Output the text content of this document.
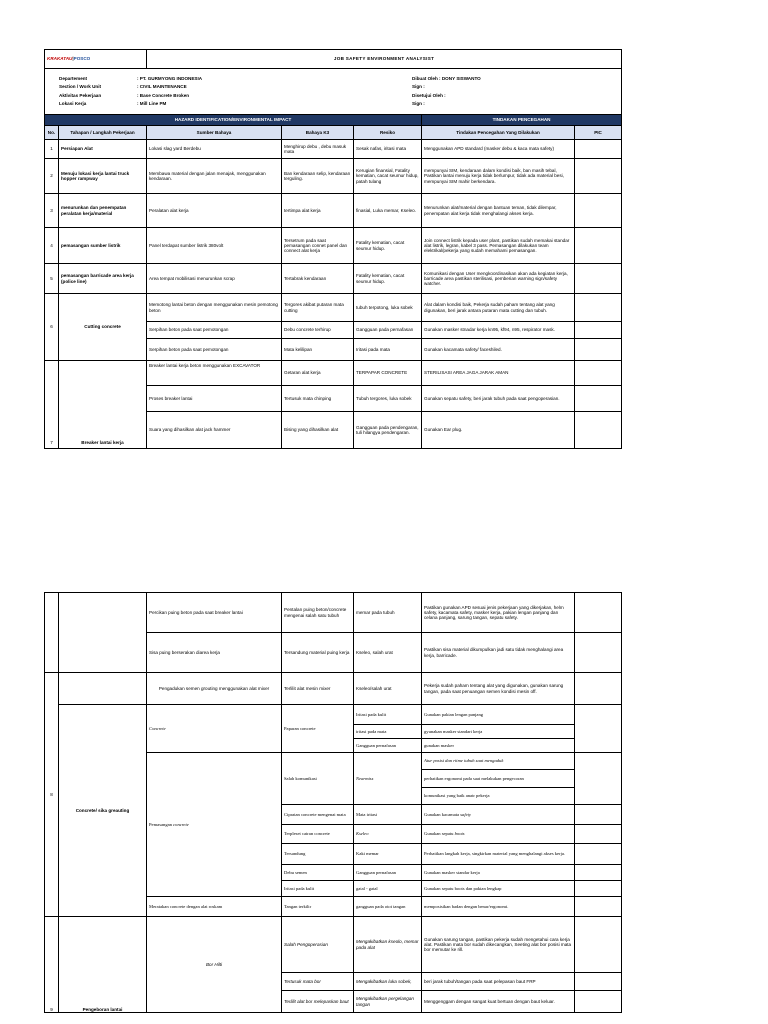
KRAKATAU|POSCO	JOB SAFETY ENVIRONMENT ANALYSIST

Departement	: PT. GURMYONG INDONESIA	Dibuat Oleh : DONY SISWANTO
Section / Work Unit	: CIVIL MAINTENANCE	Sign :
Aktivitas Pekerjaan	: Base Concrete Broken	Disetujui Oleh :
Lokasi Kerja	: Mill Line PM	Sign :

HAZARD IDENTIFICATION/ENVIRONMENTAL IMPACT	TINDAKAN PENCEGAHAN
No.	Tahapan / Langkah Pekerjaan	Sumber Bahaya	Bahaya K3	Resiko	Tindakan Pencegahan Yang Dilakukan	PIC
1	Persiapan Alat	Lokasi slag yard Berdebu	Menghirup debu , debu masuk mata	Sesak nafas, iritasi mata	Menggunakan APD standard (masker debu & kaca mata safety)	
2	Menuju lokasi kerja lantai truck hopper rampway	Membawa material dengan jalan menajak, menggunakan kendaraan.	Ban kendaraan selip, kendaraan terguling.	Kerugian finansial, Fatality kematian, cacat seumur hidup, patah tulang	mempunyai SIM, kendaraan dalam kondisi baik, ban masih tebal, Pastikan lantai menuju kerja tidak berlumpur, tidak ada material besi, mempunyai SIM mahir berkendara.	
3	menurunkan dan penempatan peralatan kerja/material	Peralatan alat kerja	tertimpa alat kerja	finasial, Luka memar, Kseleo.	Menurunkan alat/material dengan bantuan teman, tidak dilempar, penempatan alat kerja tidak menghalangi akses kerja.	
4	pemasangan sumber listrik	Panel terdapat sumber listrik 380volt	Tersetrum pada saat pemasangan connet panel dan connect alat kerja	Fatality kematian, cacat seumur hidup.	Join connect listrik kepada user plant, pastikan sudah memakai standar alat listrik, legran, kabel 3 pass. Pemasangan dilakukan team elektrikal/pekerja yang sudah memahami pemasangan.	
5	pemasangan barricade area kerja (police line)	Area tempat mobilisasi menurunkan scrap	Tertabrak kendaraan	Fatality kematian, cacat seumur hidup.	Komunikasi dengan User mengkoordinasikan akan ada kegiatan kerja, barricade area pastikan sterilisasi, pemberian warning sign/safety watcher.	
6	Cutting concrete	Memotong lantai beton dengan menggunakan mesin pemotong beton	Tergores akibat putaran mata cutting	tubuh terpotong, luka sobek	Alat dalam kondisi baik, Pekerja sudah paham tentang alat yang digunakan, beri jarak antara putaran mata cutting dan tubuh.	
Serpihan beton pada saat pemotongan	Debu concrete terhirup	Gangguan pada pernafasan	Gunakan masker stnadar kerja kn95, kf94, n95, respirator mask.	
Serpihan beton pada saat pemotongan	Mata kelilipan	Iritasi pada mata	Gunakan kacamata safety/ faceshiled.	
7	Breaker lantai kerja	Breaker lantai kerja beton menggunakan EXCAVATOR	Getaran alat kerja	TERPAPAR CONCRETE	STERILISASI AREA JAGA JARAK AMAN	
Proses breaker lantai	Tertusuk mata chinping	Tubuh tergores, luka sobek	Gunakan sepatu safety, beri jarak tubuh pada saat pengoperasian.	
Suara yang dihasilkan alat jack hammer	Bising yang dihasilkan alat	Gangguan pada pendengaran, tuli hilangya pendengaran.	Gunakan Ear plug.	
		Percikan puing beton pada saat breaker lantai	Pentalan puing beton/concrete mengenai salah satu tubuh	memar pada tubuh	Pastikan gunakan APD sesuai jenis pekerjaan yang dikerjakan, helm safety, kacamata safety, masker kerja, pakian lengan panjang dan celana panjang, sarung tangan, sepatu safety.	
		Sisa puing berserakan diarea kerja	Tersandung material puing kerja	Kseleo, salah urat	Pastikan sisa material dikumpulkan jadi satu tidak menghalangi area kerja, barricade.	
8		Pengadukan semen grouting menggunakan alat mixer	Terlilit alat mesin mixer	Kseleo/salah urat	Pekerja sudah paham tentang alat yang digunakan, gunakan sarung tangan, pada saat penuangan semen kondisi mesin off.	
	Concrete/ sika greauting	Concrete	Paparan concrete	Iritasi pada kulit	Gunakan pakian lengan panjang	
				iritasi pada mata	gyunakan masker standart kerja	
				Gangguan pernafasan	gunakan masker	
		Pemasangan concrete	Salah komunikasi	Nearmiss	Atur posisi dan ritme tubuh saat mengaduk	
					perhatikan ergonomi pada saat melakukan pengecoran	
					komunikasi yang baik anatr pekerja	
			Cipratan concrete mengenai mata	Mata iritasi	Gunakan kacamata safety	
			Terpleset cairan concrete	Kseleo	Gunakan sepatu boots	
			Tersandung	Kaki memar	Perhatikan langkah kerja, singkirkan material yang menghalangi akses kerja.	
			Debu semen	Gangguan pernafasan	Gunakan masker standar kerja	
			Iritasi pada kulit	gatal - gatal	Gunakan sepatu boots dan pakian lengkap	
		Meratakan concrete dengan alat roskam	Tangan terkilir	gangguan pada otot tangan	memposisikan badan dengan benar/ergonomi.	
9	Pengeboran lantai	Bor Hilti	Salah Pengoperasian	Mengakibatkan kseolo, memar pada alat	Gunakan sarung tangan, pastikan pekerja sudah mengetahui cara kerja alat. Pastikan mata bor sudah dikecangkan, Seeting alat bor posisi mata bor memutar ke rill.	
			Tertusuk mata bor	Mengakibatkan luka sobek,	beri jarak tubuh/tangan pada saat pelepasan baut FRP	
			Terlilit alat bor melepaskan baut	Mengakibatkan pergelangan tangan	Menggenggam dengan sangat kuat bertuan dengan baut keluar.	
